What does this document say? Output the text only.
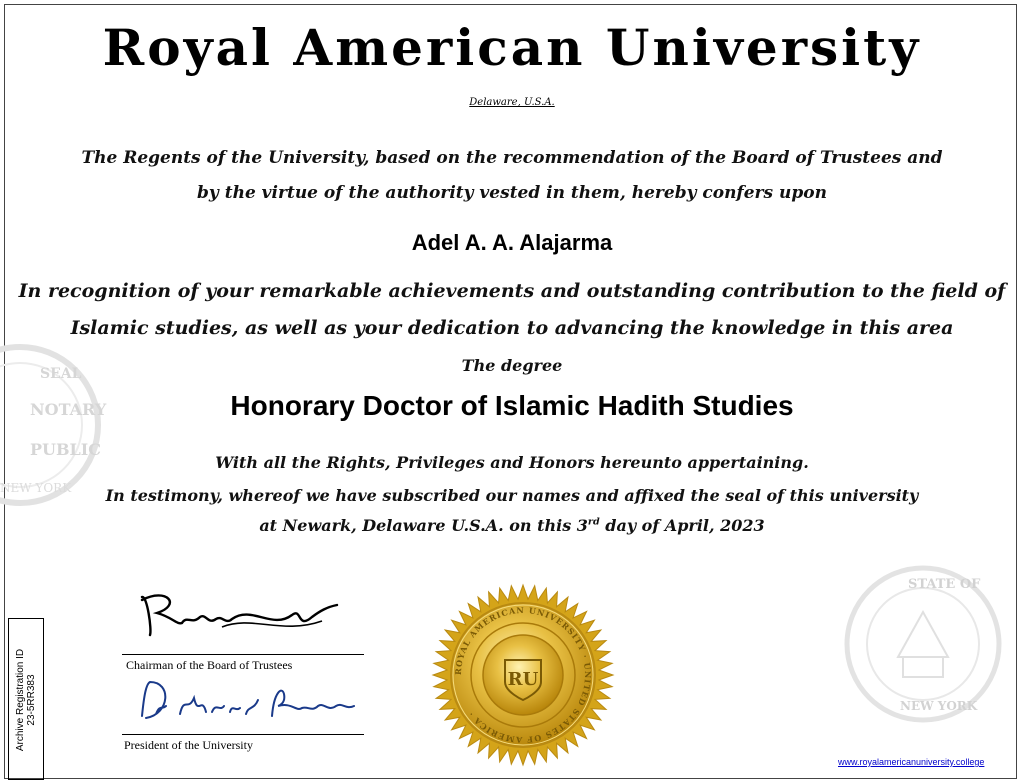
SEAL
NOTARY
PUBLIC
NEW YORK
STATE OF
NEW YORK
Royal American University
Delaware, U.S.A.
The Regents of the University, based on the recommendation of the Board of Trustees and
by the virtue of the authority vested in them, hereby confers upon
Adel A. A. Alajarma
In recognition of your remarkable achievements and outstanding contribution to the field of
Islamic studies, as well as your dedication to advancing the knowledge in this area
The degree
Honorary Doctor of Islamic Hadith Studies
With all the Rights, Privileges and Honors hereunto appertaining.
In testimony, whereof we have subscribed our names and affixed the seal of this university
at Newark, Delaware U.S.A. on this 3rd day of April, 2023
Chairman of the Board of Trustees
President of the University
ROYAL AMERICAN UNIVERSITY · UNITED STATES OF AMERICA ·
RU
Archive Registration ID 23-5RR383
www.royalamericanuniversity.college
